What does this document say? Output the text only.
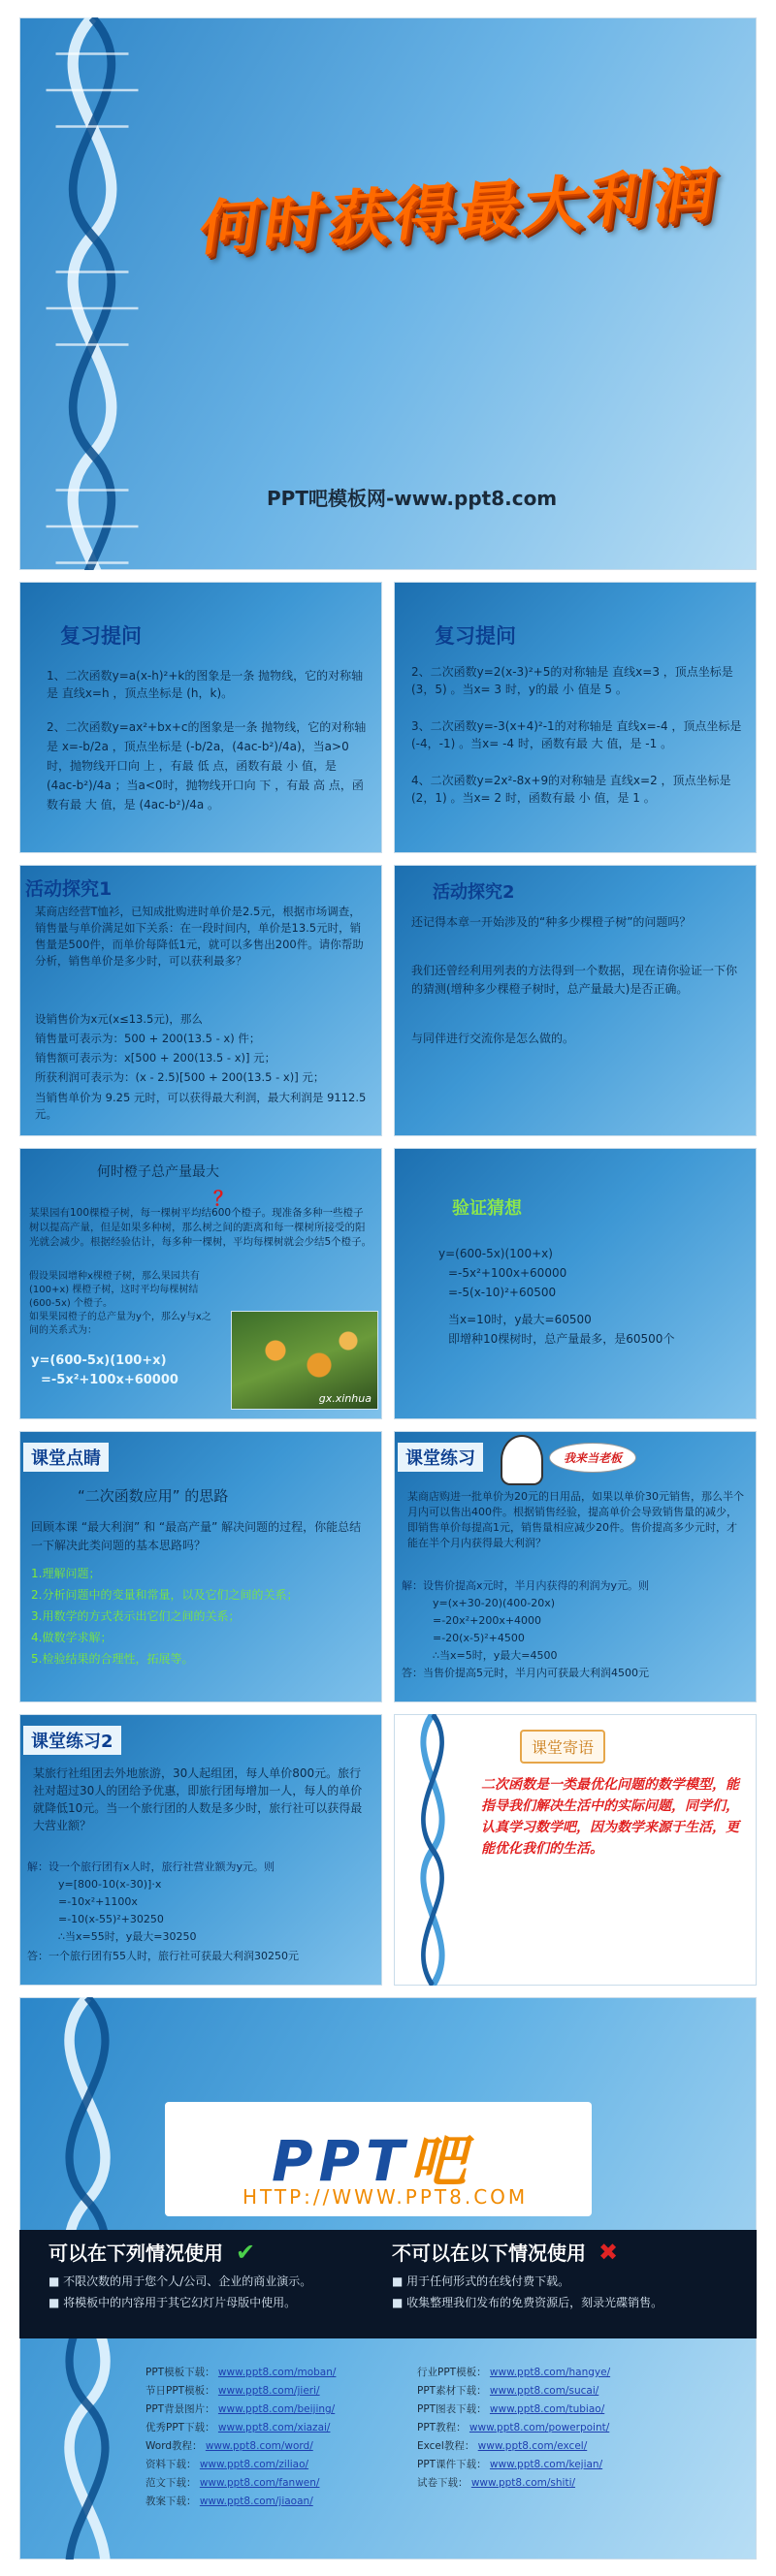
何时获得最大利润
PPT吧模板网-www.ppt8.com
复习提问
1、二次函数y=a(x-h)²+k的图象是一条 抛物线，它的对称轴是 直线x=h ，顶点坐标是 (h，k)。
2、二次函数y=ax²+bx+c的图象是一条 抛物线，它的对称轴是 x=-b/2a ，顶点坐标是 (-b/2a，(4ac-b²)/4a)，当a>0时，抛物线开口向 上 ，有最 低 点，函数有最 小 值，是 (4ac-b²)/4a ；当a<0时，抛物线开口向 下 ，有最 高 点，函数有最 大 值，是 (4ac-b²)/4a 。
复习提问
2、二次函数y=2(x-3)²+5的对称轴是 直线x=3 ，顶点坐标是 (3，5) 。当x= 3 时，y的最 小 值是 5 。
3、二次函数y=-3(x+4)²-1的对称轴是 直线x=-4 ，顶点坐标是 (-4，-1) 。当x= -4 时，函数有最 大 值，是 -1 。
4、二次函数y=2x²-8x+9的对称轴是 直线x=2 ，顶点坐标是 (2，1) 。当x= 2 时，函数有最 小 值，是 1 。
活动探究1
某商店经营T恤衫，已知成批购进时单价是2.5元，根据市场调查，销售量与单价满足如下关系：在一段时间内，单价是13.5元时，销售量是500件，而单价每降低1元，就可以多售出200件。请你帮助分析，销售单价是多少时，可以获利最多？
设销售价为x元(x≤13.5元)，那么
销售量可表示为：500 + 200(13.5 - x) 件；
销售额可表示为：x[500 + 200(13.5 - x)] 元；
所获利润可表示为：(x - 2.5)[500 + 200(13.5 - x)] 元；
当销售单价为 9.25 元时，可以获得最大利润，最大利润是 9112.5 元。
活动探究2
还记得本章一开始涉及的“种多少棵橙子树”的问题吗？
我们还曾经利用列表的方法得到一个数据，现在请你验证一下你的猜测(增种多少棵橙子树时，总产量最大)是否正确。
与同伴进行交流你是怎么做的。
何时橙子总产量最大
？
某果园有100棵橙子树，每一棵树平均结600个橙子。现准备多种一些橙子树以提高产量，但是如果多种树，那么树之间的距离和每一棵树所接受的阳光就会减少。根据经验估计，每多种一棵树，平均每棵树就会少结5个橙子。
假设果园增种x棵橙子树，那么果园共有 (100+x) 棵橙子树，这时平均每棵树结 (600-5x) 个橙子。
如果果园橙子的总产量为y个，那么y与x之间的关系式为：
y=(600-5x)(100+x)
=-5x²+100x+60000
gx.xinhua
验证猜想
y=(600-5x)(100+x)
=-5x²+100x+60000
=-5(x-10)²+60500
当x=10时，y最大=60500
即增种10棵树时，总产量最多，是60500个
课堂点睛
“二次函数应用” 的思路
回顾本课 “最大利润” 和 “最高产量” 解决问题的过程，你能总结一下解决此类问题的基本思路吗？
1.理解问题；
2.分析问题中的变量和常量，以及它们之间的关系；
3.用数学的方式表示出它们之间的关系；
4.做数学求解；
5.检验结果的合理性，拓展等。
课堂练习	我来当老板
某商店购进一批单价为20元的日用品，如果以单价30元销售，那么半个月内可以售出400件。根据销售经验，提高单价会导致销售量的减少，即销售单价每提高1元，销售量相应减少20件。售价提高多少元时，才能在半个月内获得最大利润？
解：设售价提高x元时，半月内获得的利润为y元。则
y=(x+30-20)(400-20x)
=-20x²+200x+4000
=-20(x-5)²+4500
∴当x=5时，y最大=4500
答：当售价提高5元时，半月内可获最大利润4500元
课堂练习2
某旅行社组团去外地旅游，30人起组团，每人单价800元。旅行社对超过30人的团给予优惠，即旅行团每增加一人，每人的单价就降低10元。当一个旅行团的人数是多少时，旅行社可以获得最大营业额？
解：设一个旅行团有x人时，旅行社营业额为y元。则
y=[800-10(x-30)]·x
=-10x²+1100x
=-10(x-55)²+30250
∴当x=55时，y最大=30250
答：一个旅行团有55人时，旅行社可获最大利润30250元
课堂寄语
二次函数是一类最优化问题的数学模型，能指导我们解决生活中的实际问题，同学们，认真学习数学吧，因为数学来源于生活，更能优化我们的生活。
PPT吧
HTTP://WWW.PPT8.COM
可以在下列情况使用 ✔
■ 不限次数的用于您个人/公司、企业的商业演示。
■ 将模板中的内容用于其它幻灯片母版中使用。
不可以在以下情况使用 ✖
■ 用于任何形式的在线付费下载。
■ 收集整理我们发布的免费资源后，刻录光碟销售。
PPT模板下载： www.ppt8.com/moban/
节日PPT模板： www.ppt8.com/jieri/
PPT背景图片： www.ppt8.com/beijing/
优秀PPT下载： www.ppt8.com/xiazai/
Word教程： www.ppt8.com/word/
资料下载： www.ppt8.com/ziliao/
范文下载： www.ppt8.com/fanwen/
教案下载： www.ppt8.com/jiaoan/
行业PPT模板： www.ppt8.com/hangye/
PPT素材下载： www.ppt8.com/sucai/
PPT图表下载： www.ppt8.com/tubiao/
PPT教程： www.ppt8.com/powerpoint/
Excel教程： www.ppt8.com/excel/
PPT课件下载： www.ppt8.com/kejian/
试卷下载： www.ppt8.com/shiti/
